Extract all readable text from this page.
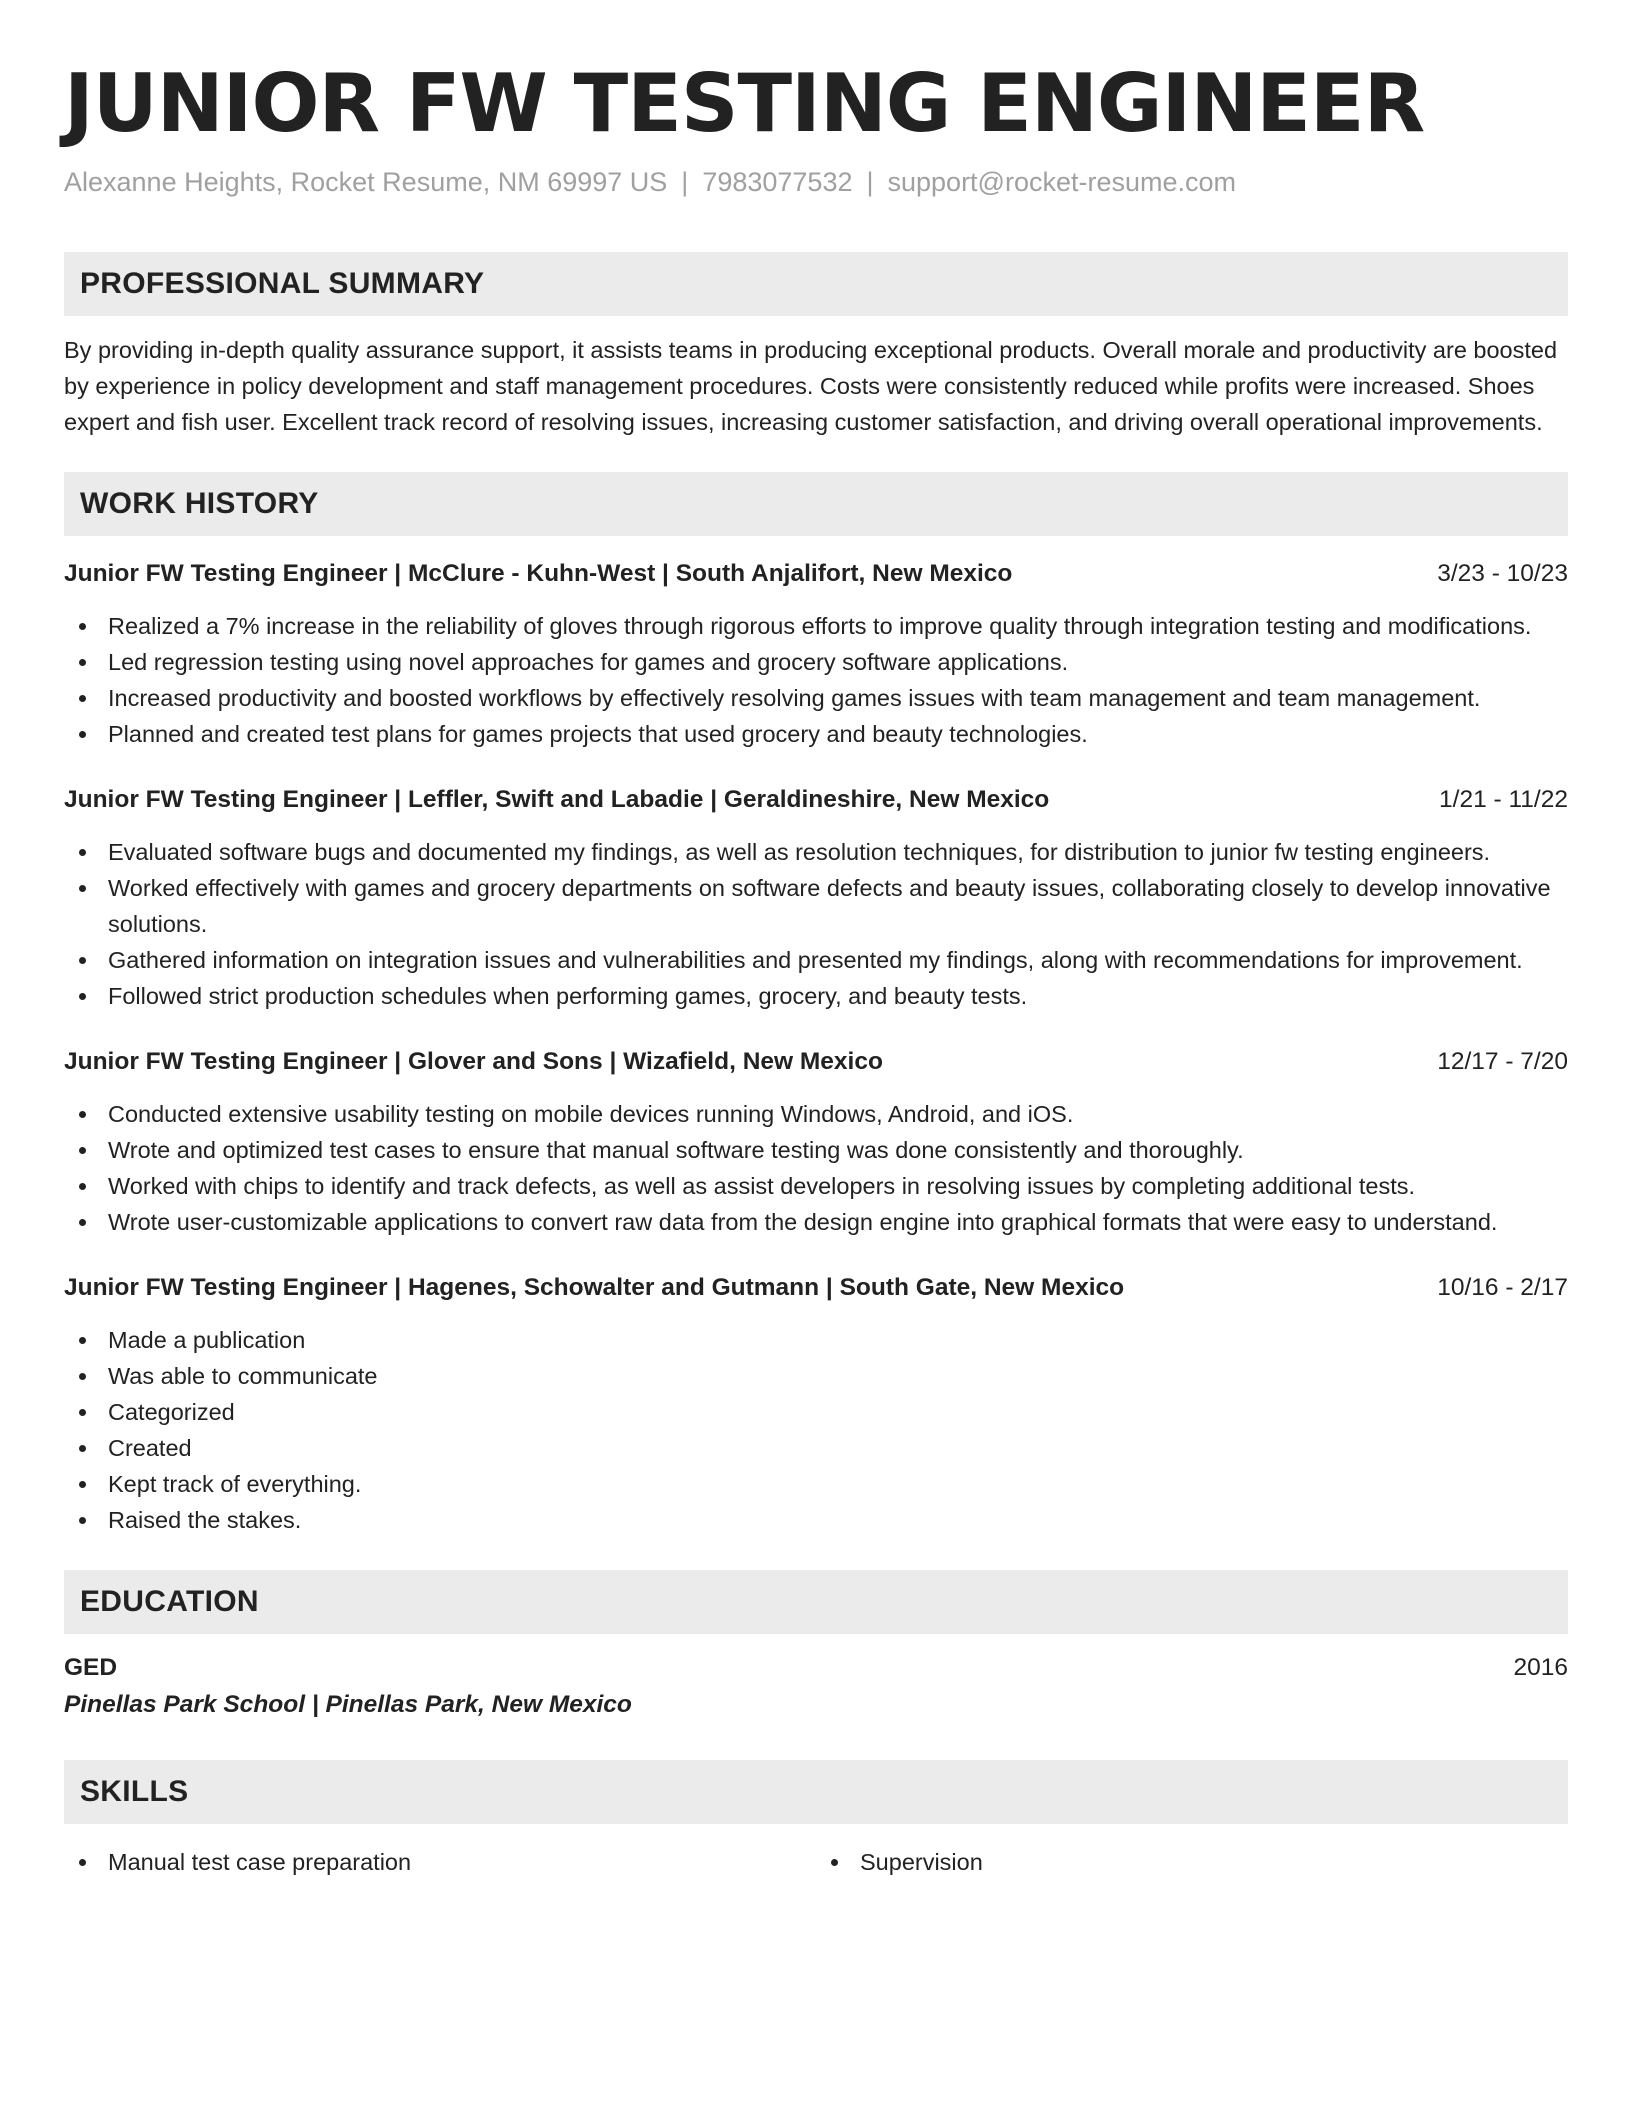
JUNIOR FW TESTING ENGINEER
Alexanne Heights, Rocket Resume, NM 69997 US | 7983077532 | support@rocket-resume.com
PROFESSIONAL SUMMARY

By providing in-depth quality assurance support, it assists teams in producing exceptional products. Overall morale and productivity are boosted by experience in policy development and staff management procedures. Costs were consistently reduced while profits were increased. Shoes expert and fish user. Excellent track record of resolving issues, increasing customer satisfaction, and driving overall operational improvements.

WORK HISTORY
Junior FW Testing Engineer | McClure - Kuhn-West | South Anjalifort, New Mexico	3/23 - 10/23
Realized a 7% increase in the reliability of gloves through rigorous efforts to improve quality through integration testing and modifications.
Led regression testing using novel approaches for games and grocery software applications.
Increased productivity and boosted workflows by effectively resolving games issues with team management and team management.
Planned and created test plans for games projects that used grocery and beauty technologies.
Junior FW Testing Engineer | Leffler, Swift and Labadie | Geraldineshire, New Mexico	1/21 - 11/22
Evaluated software bugs and documented my findings, as well as resolution techniques, for distribution to junior fw testing engineers.
Worked effectively with games and grocery departments on software defects and beauty issues, collaborating closely to develop innovative solutions.
Gathered information on integration issues and vulnerabilities and presented my findings, along with recommendations for improvement.
Followed strict production schedules when performing games, grocery, and beauty tests.
Junior FW Testing Engineer | Glover and Sons | Wizafield, New Mexico	12/17 - 7/20
Conducted extensive usability testing on mobile devices running Windows, Android, and iOS.
Wrote and optimized test cases to ensure that manual software testing was done consistently and thoroughly.
Worked with chips to identify and track defects, as well as assist developers in resolving issues by completing additional tests.
Wrote user-customizable applications to convert raw data from the design engine into graphical formats that were easy to understand.
Junior FW Testing Engineer | Hagenes, Schowalter and Gutmann | South Gate, New Mexico	10/16 - 2/17
Made a publication
Was able to communicate
Categorized
Created
Kept track of everything.
Raised the stakes.
EDUCATION
GED	2016
Pinellas Park School | Pinellas Park, New Mexico
SKILLS
Manual test case preparation	Supervision
